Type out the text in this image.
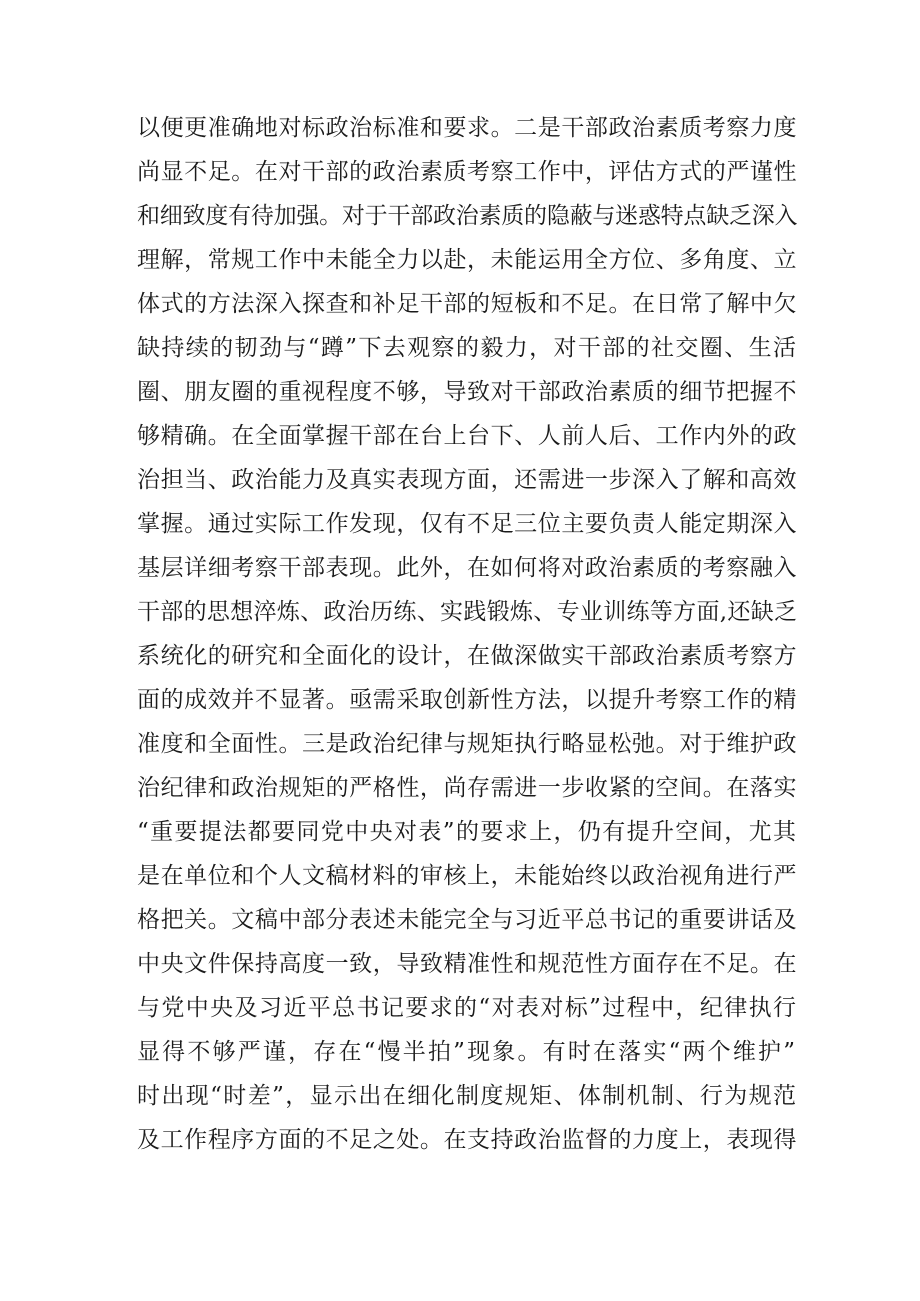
以便更准确地对标政治标准和要求。二是干部政治素质考察力度
尚显不足。在对干部的政治素质考察工作中，评估方式的严谨性
和细致度有待加强。对于干部政治素质的隐蔽与迷惑特点缺乏深入
理解，常规工作中未能全力以赴，未能运用全方位、多角度、立
体式的方法深入探查和补足干部的短板和不足。在日常了解中欠
缺持续的韧劲与“蹲”下去观察的毅力，对干部的社交圈、生活
圈、朋友圈的重视程度不够，导致对干部政治素质的细节把握不
够精确。在全面掌握干部在台上台下、人前人后、工作内外的政
治担当、政治能力及真实表现方面，还需进一步深入了解和高效
掌握。通过实际工作发现，仅有不足三位主要负责人能定期深入
基层详细考察干部表现。此外，在如何将对政治素质的考察融入
干部的思想淬炼、政治历练、实践锻炼、专业训练等方面,还缺乏
系统化的研究和全面化的设计，在做深做实干部政治素质考察方
面的成效并不显著。亟需采取创新性方法，以提升考察工作的精
准度和全面性。三是政治纪律与规矩执行略显松弛。对于维护政
治纪律和政治规矩的严格性，尚存需进一步收紧的空间。在落实
“重要提法都要同党中央对表”的要求上，仍有提升空间，尤其
是在单位和个人文稿材料的审核上，未能始终以政治视角进行严
格把关。文稿中部分表述未能完全与习近平总书记的重要讲话及
中央文件保持高度一致，导致精准性和规范性方面存在不足。在
与党中央及习近平总书记要求的“对表对标”过程中，纪律执行
显得不够严谨，存在“慢半拍”现象。有时在落实“两个维护”
时出现“时差”，显示出在细化制度规矩、体制机制、行为规范
及工作程序方面的不足之处。在支持政治监督的力度上，表现得
